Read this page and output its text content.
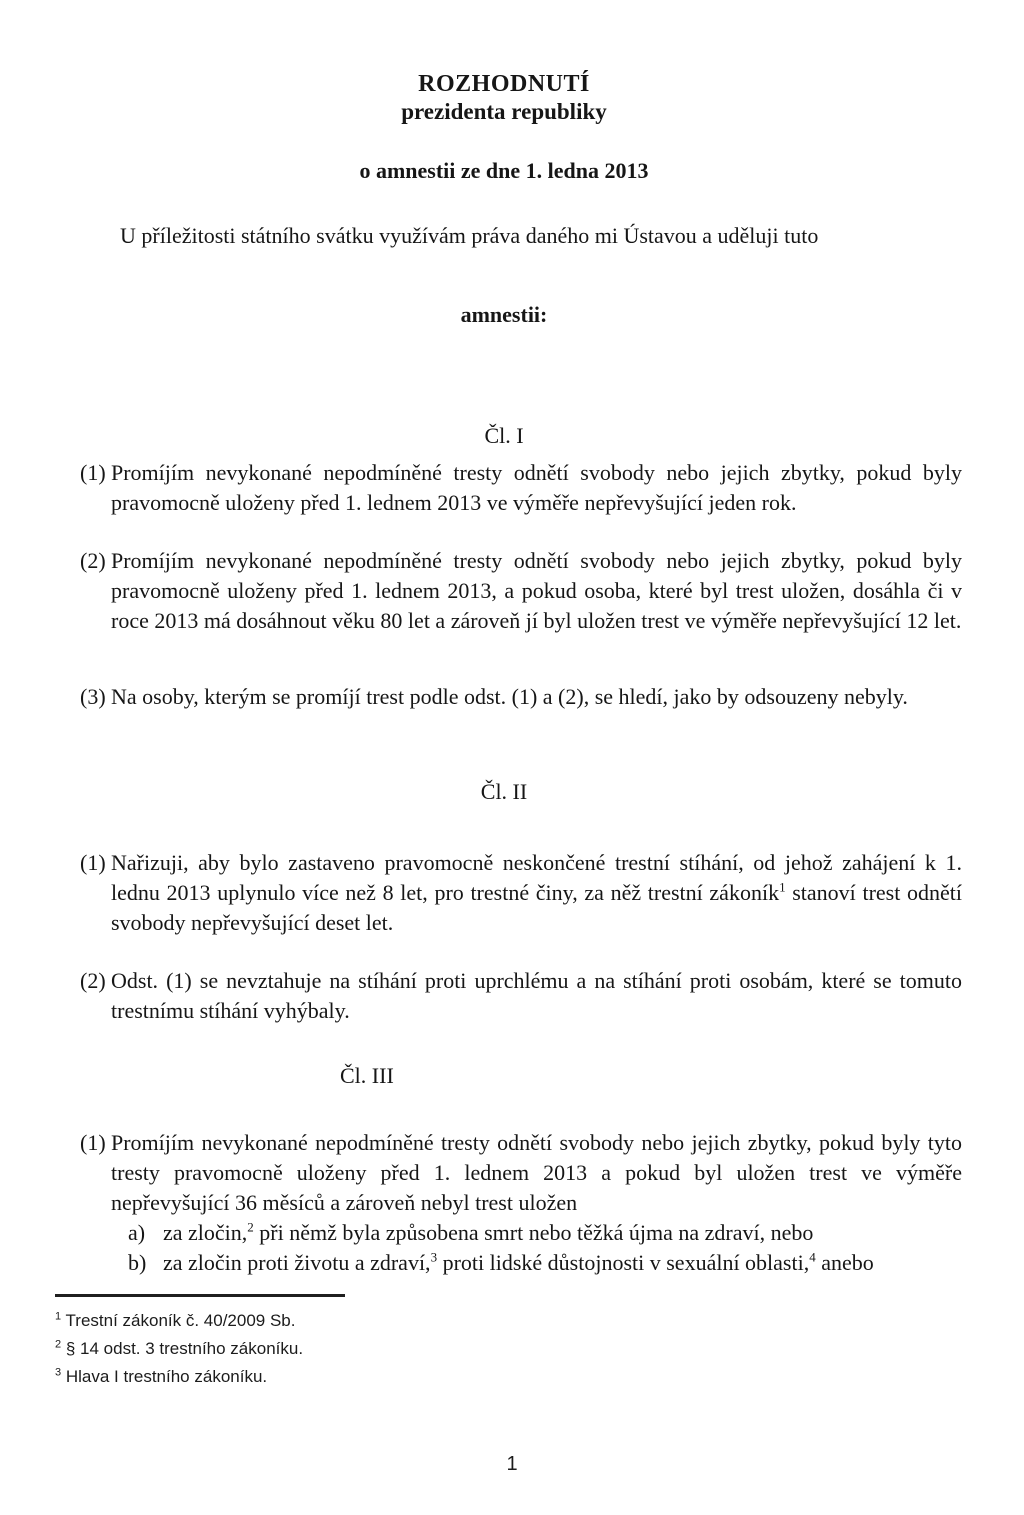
ROZHODNUTÍ
prezidenta republiky
o amnestii ze dne 1. ledna 2013

U příležitosti státního svátku využívám práva daného mi Ústavou a uděluji tuto

amnestii:
Čl. I
(1) Promíjím nevykonané nepodmíněné tresty odnětí svobody nebo jejich zbytky, pokud byly pravomocně uloženy před 1. lednem 2013 ve výměře nepřevyšující jeden rok.
(2) Promíjím nevykonané nepodmíněné tresty odnětí svobody nebo jejich zbytky, pokud byly pravomocně uloženy před 1. lednem 2013, a pokud osoba, které byl trest uložen, dosáhla či v roce 2013 má dosáhnout věku 80 let a zároveň jí byl uložen trest ve výměře nepřevyšující 12 let.
(3) Na osoby, kterým se promíjí trest podle odst. (1) a (2), se hledí, jako by odsouzeny nebyly.
Čl. II
(1) Nařizuji, aby bylo zastaveno pravomocně neskončené trestní stíhání, od jehož zahájení k 1. lednu 2013 uplynulo více než 8 let, pro trestné činy, za něž trestní zákoník$^1$ stanoví trest odnětí svobody nepřevyšující deset let.
(2) Odst. (1) se nevztahuje na stíhání proti uprchlému a na stíhání proti osobám, které se tomuto trestnímu stíhání vyhýbaly.
Čl. III
(1) Promíjím nevykonané nepodmíněné tresty odnětí svobody nebo jejich zbytky, pokud byly tyto tresty pravomocně uloženy před 1. lednem 2013 a pokud byl uložen trest ve výměře nepřevyšující 36 měsíců a zároveň nebyl trest uložen
a) za zločin,$^2$ při němž byla způsobena smrt nebo těžká újma na zdraví, nebo
b) za zločin proti životu a zdraví,$^3$ proti lidské důstojnosti v sexuální oblasti,$^4$ anebo
$^1$ Trestní zákoník č. 40/2009 Sb.
$^2$ § 14 odst. 3 trestního zákoníku.
$^3$ Hlava I trestního zákoníku.
1
